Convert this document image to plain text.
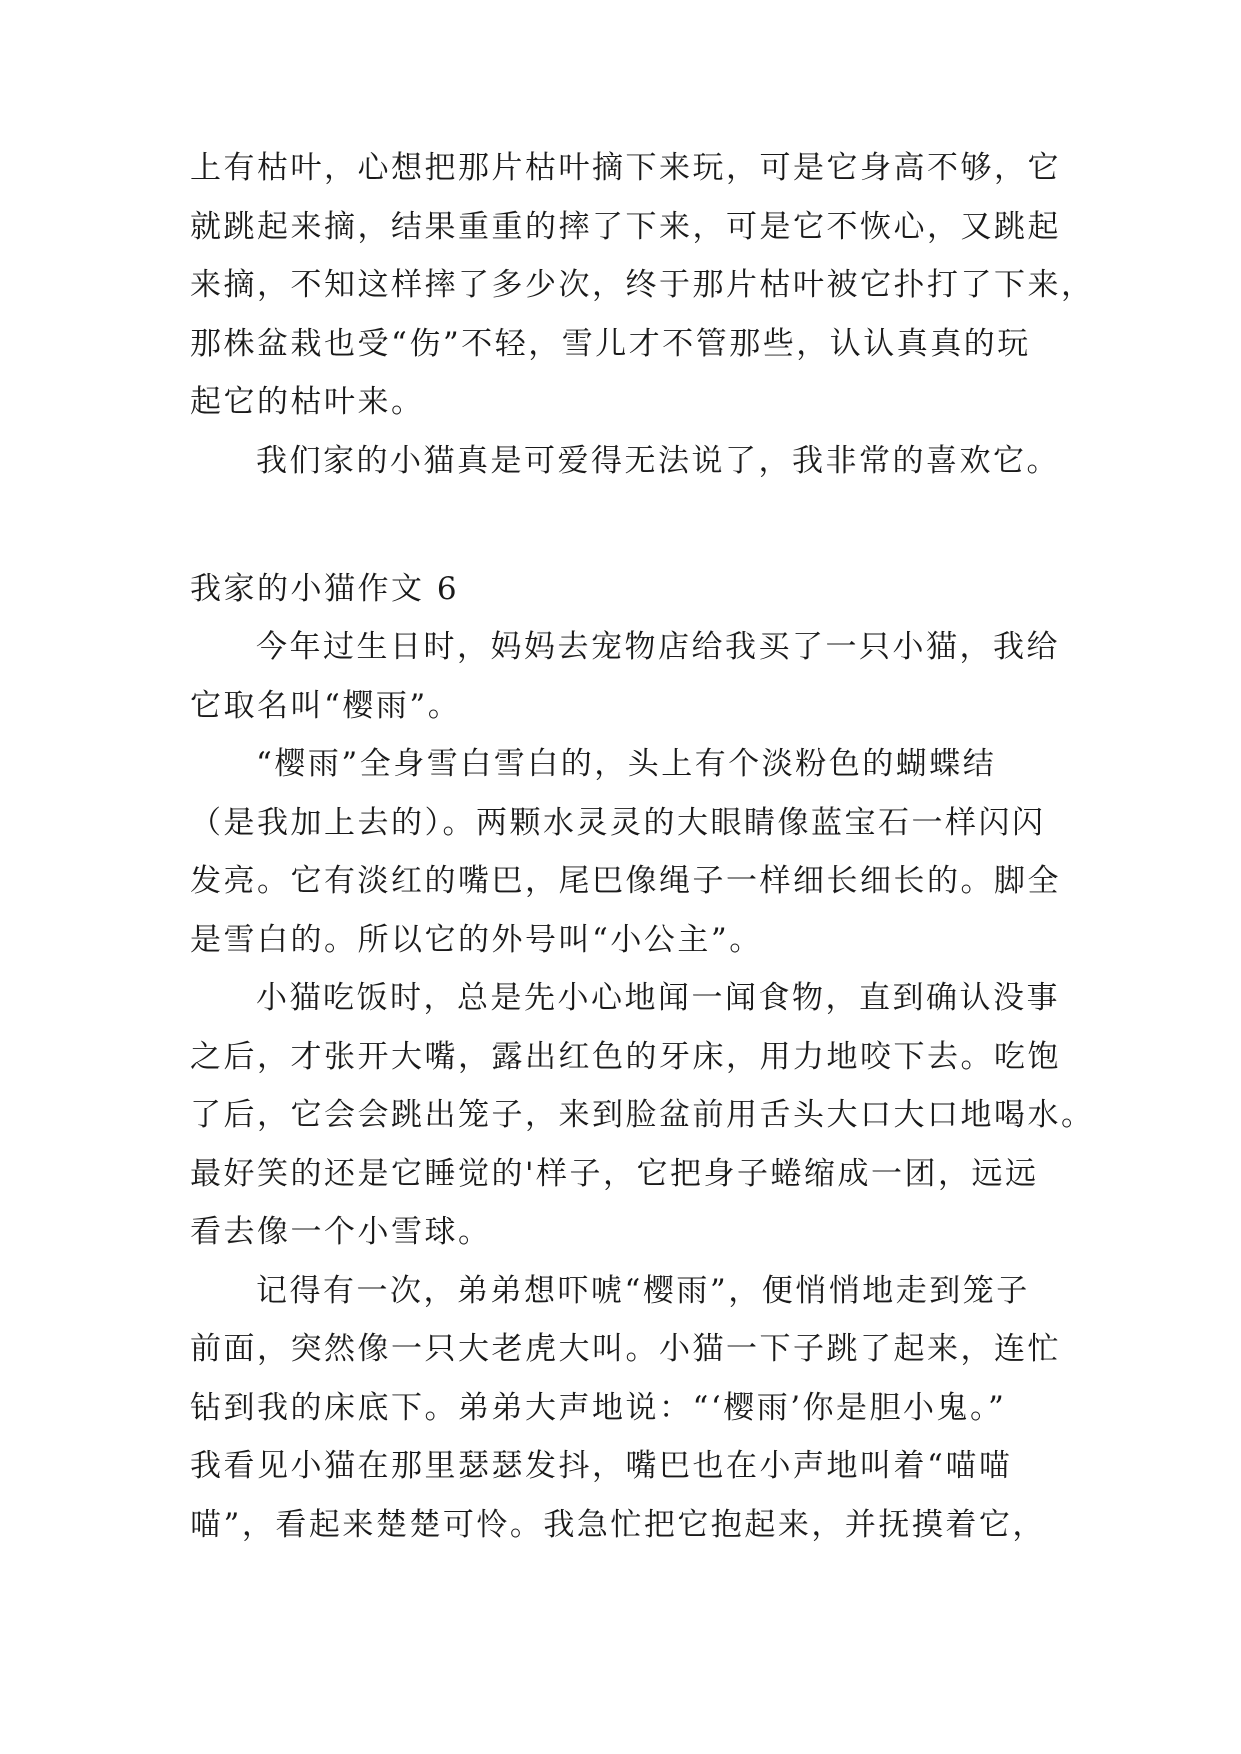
上有枯叶，心想把那片枯叶摘下来玩，可是它身高不够，它
就跳起来摘，结果重重的摔了下来，可是它不恢心，又跳起
来摘，不知这样摔了多少次，终于那片枯叶被它扑打了下来，
那株盆栽也受“伤”不轻，雪儿才不管那些，认认真真的玩
起它的枯叶来。
我们家的小猫真是可爱得无法说了，我非常的喜欢它。
我家的小猫作文 6
今年过生日时，妈妈去宠物店给我买了一只小猫，我给
它取名叫“樱雨”。
“樱雨”全身雪白雪白的，头上有个淡粉色的蝴蝶结
（是我加上去的）。两颗水灵灵的大眼睛像蓝宝石一样闪闪
发亮。它有淡红的嘴巴，尾巴像绳子一样细长细长的。脚全
是雪白的。所以它的外号叫“小公主”。
小猫吃饭时，总是先小心地闻一闻食物，直到确认没事
之后，才张开大嘴，露出红色的牙床，用力地咬下去。吃饱
了后，它会会跳出笼子，来到脸盆前用舌头大口大口地喝水。
最好笑的还是它睡觉的'样子，它把身子蜷缩成一团，远远
看去像一个小雪球。
记得有一次，弟弟想吓唬“樱雨”，便悄悄地走到笼子
前面，突然像一只大老虎大叫。小猫一下子跳了起来，连忙
钻到我的床底下。弟弟大声地说：“‘樱雨’你是胆小鬼。”
我看见小猫在那里瑟瑟发抖，嘴巴也在小声地叫着“喵喵
喵”，看起来楚楚可怜。我急忙把它抱起来，并抚摸着它，
